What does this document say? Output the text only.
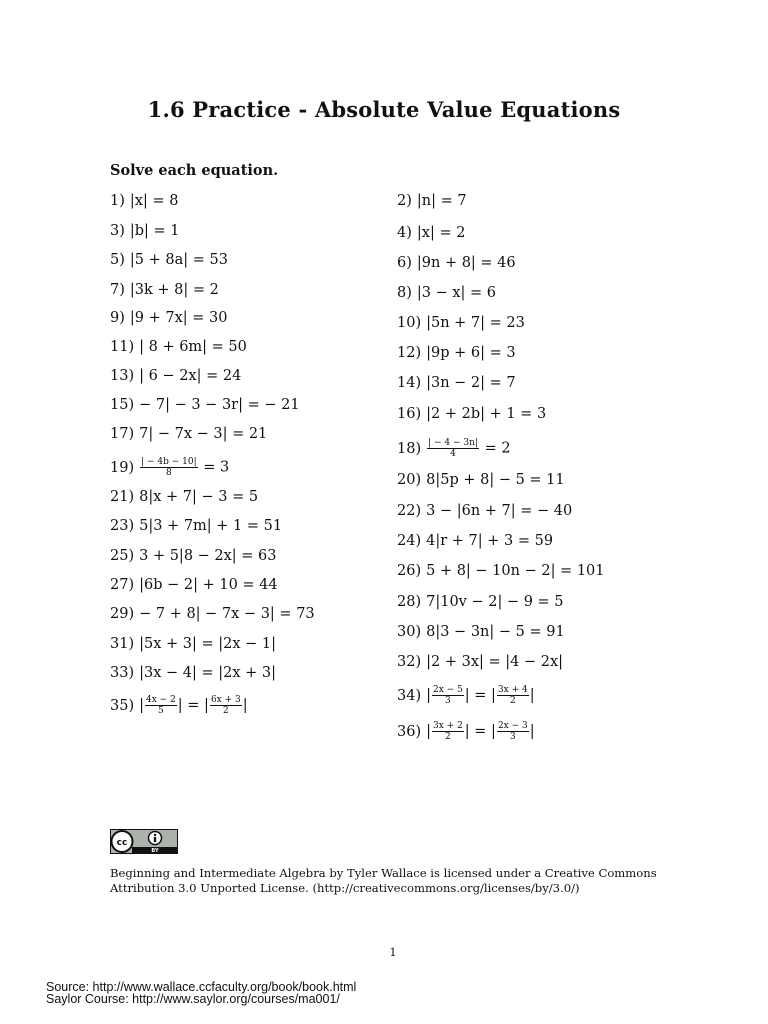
1.6 Practice - Absolute Value Equations
Solve each equation.
1) |x| = 8
3) |b| = 1
5) |5 + 8a| = 53
7) |3k + 8| = 2
9) |9 + 7x| = 30
11) | 8 + 6m| = 50
13) | 6 − 2x| = 24
15) − 7| − 3 − 3r| = − 21
17) 7| − 7x − 3| = 21
$19) \frac{| - 4b - 10|}{8} = 3$
21) 8|x + 7| − 3 = 5
23) 5|3 + 7m| + 1 = 51
25) 3 + 5|8 − 2x| = 63
27) |6b − 2| + 10 = 44
29) − 7 + 8| − 7x − 3| = 73
31) |5x + 3| = |2x − 1|
33) |3x − 4| = |2x + 3|
35) | $\frac{4x - 2}{5}$ | = | $\frac{6x + 3}{2}$ |
2) |n| = 7
4) |x| = 2
6) |9n + 8| = 46
8) |3 − x| = 6
10) |5n + 7| = 23
12) |9p + 6| = 3
14) |3n − 2| = 7
16) |2 + 2b| + 1 = 3
$18) \frac{| - 4 - 3n|}{4} = 2$
20) 8|5p + 8| − 5 = 11
22) 3 − |6n + 7| = − 40
24) 4|r + 7| + 3 = 59
26) 5 + 8| − 10n − 2| = 101
28) 7|10v − 2| − 9 = 5
30) 8|3 − 3n| − 5 = 91
32) |2 + 3x| = |4 − 2x|
34) | $\frac{2x - 5}{3}$ | = | $\frac{3x + 4}{2}$ |
36) | $\frac{3x + 2}{2}$ | = | $\frac{2x - 3}{3}$ |
cc
BY
Beginning and Intermediate Algebra by Tyler Wallace is licensed under a Creative Commons Attribution 3.0 Unported License. (http://creativecommons.org/licenses/by/3.0/)
1
Source: http://www.wallace.ccfaculty.org/book/book.html
Saylor Course: http://www.saylor.org/courses/ma001/
